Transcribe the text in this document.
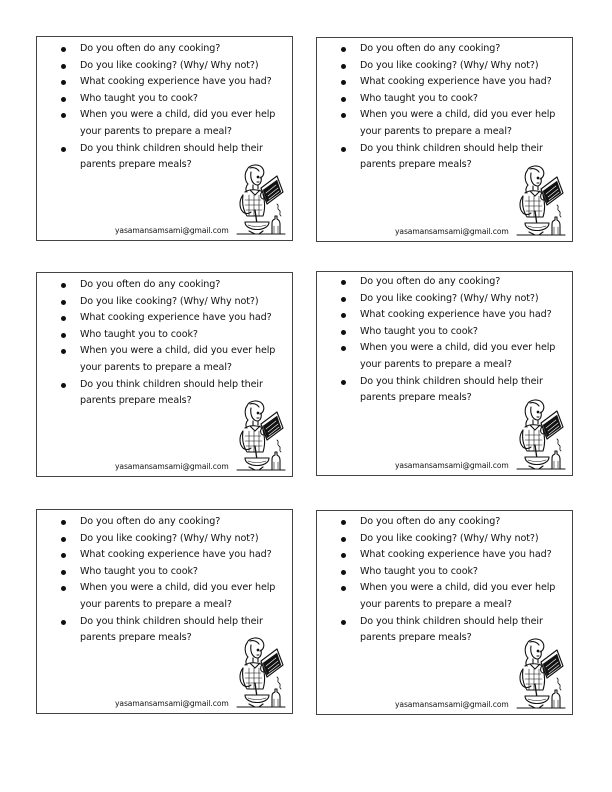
Do you often do any cooking?
Do you like cooking? (Why/ Why not?)
What cooking experience have you had?
Who taught you to cook?
When you were a child, did you ever help
your parents to prepare a meal?
Do you think children should help their
parents prepare meals?
yasamansamsami@gmail.com
Do you often do any cooking?
Do you like cooking? (Why/ Why not?)
What cooking experience have you had?
Who taught you to cook?
When you were a child, did you ever help
your parents to prepare a meal?
Do you think children should help their
parents prepare meals?
yasamansamsami@gmail.com
Do you often do any cooking?
Do you like cooking? (Why/ Why not?)
What cooking experience have you had?
Who taught you to cook?
When you were a child, did you ever help
your parents to prepare a meal?
Do you think children should help their
parents prepare meals?
yasamansamsami@gmail.com
Do you often do any cooking?
Do you like cooking? (Why/ Why not?)
What cooking experience have you had?
Who taught you to cook?
When you were a child, did you ever help
your parents to prepare a meal?
Do you think children should help their
parents prepare meals?
yasamansamsami@gmail.com
Do you often do any cooking?
Do you like cooking? (Why/ Why not?)
What cooking experience have you had?
Who taught you to cook?
When you were a child, did you ever help
your parents to prepare a meal?
Do you think children should help their
parents prepare meals?
yasamansamsami@gmail.com
Do you often do any cooking?
Do you like cooking? (Why/ Why not?)
What cooking experience have you had?
Who taught you to cook?
When you were a child, did you ever help
your parents to prepare a meal?
Do you think children should help their
parents prepare meals?
yasamansamsami@gmail.com
